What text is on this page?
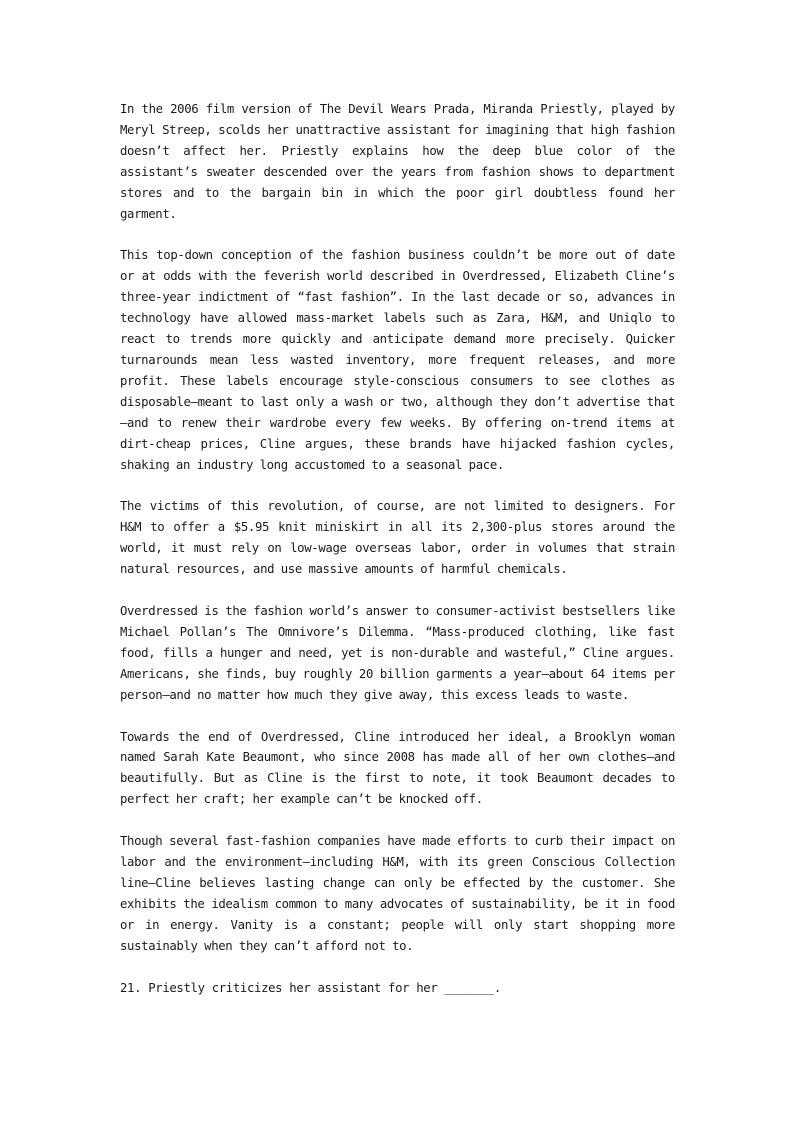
In the 2006 film version of The Devil Wears Prada, Miranda Priestly, played by Meryl Streep, scolds her unattractive assistant for imagining that high fashion doesn’t affect her. Priestly explains how the deep blue color of the assistant’s sweater descended over the years from fashion shows to department stores and to the bargain bin in which the poor girl doubtless found her garment.

This top-down conception of the fashion business couldn’t be more out of date or at odds with the feverish world described in Overdressed, Elizabeth Cline’s three-year indictment of “fast fashion”. In the last decade or so, advances in technology have allowed mass-market labels such as Zara, H&M, and Uniqlo to react to trends more quickly and anticipate demand more precisely. Quicker turnarounds mean less wasted inventory, more frequent releases, and more profit. These labels encourage style-conscious consumers to see clothes as disposable—meant to last only a wash or two, although they don’t advertise that—and to renew their wardrobe every few weeks. By offering on-trend items at dirt-cheap prices, Cline argues, these brands have hijacked fashion cycles, shaking an industry long accustomed to a seasonal pace.

The victims of this revolution, of course, are not limited to designers. For H&M to offer a $5.95 knit miniskirt in all its 2,300-plus stores around the world, it must rely on low-wage overseas labor, order in volumes that strain natural resources, and use massive amounts of harmful chemicals.

Overdressed is the fashion world’s answer to consumer-activist bestsellers like Michael Pollan’s The Omnivore’s Dilemma. “Mass-produced clothing, like fast food, fills a hunger and need, yet is non-durable and wasteful,” Cline argues. Americans, she finds, buy roughly 20 billion garments a year—about 64 items per person—and no matter how much they give away, this excess leads to waste.

Towards the end of Overdressed, Cline introduced her ideal, a Brooklyn woman named Sarah Kate Beaumont, who since 2008 has made all of her own clothes—and beautifully. But as Cline is the first to note, it took Beaumont decades to perfect her craft; her example can’t be knocked off.

Though several fast-fashion companies have made efforts to curb their impact on labor and the environment—including H&M, with its green Conscious Collection line—Cline believes lasting change can only be effected by the customer. She exhibits the idealism common to many advocates of sustainability, be it in food or in energy. Vanity is a constant; people will only start shopping more sustainably when they can’t afford not to.

21. Priestly criticizes her assistant for her _______.
